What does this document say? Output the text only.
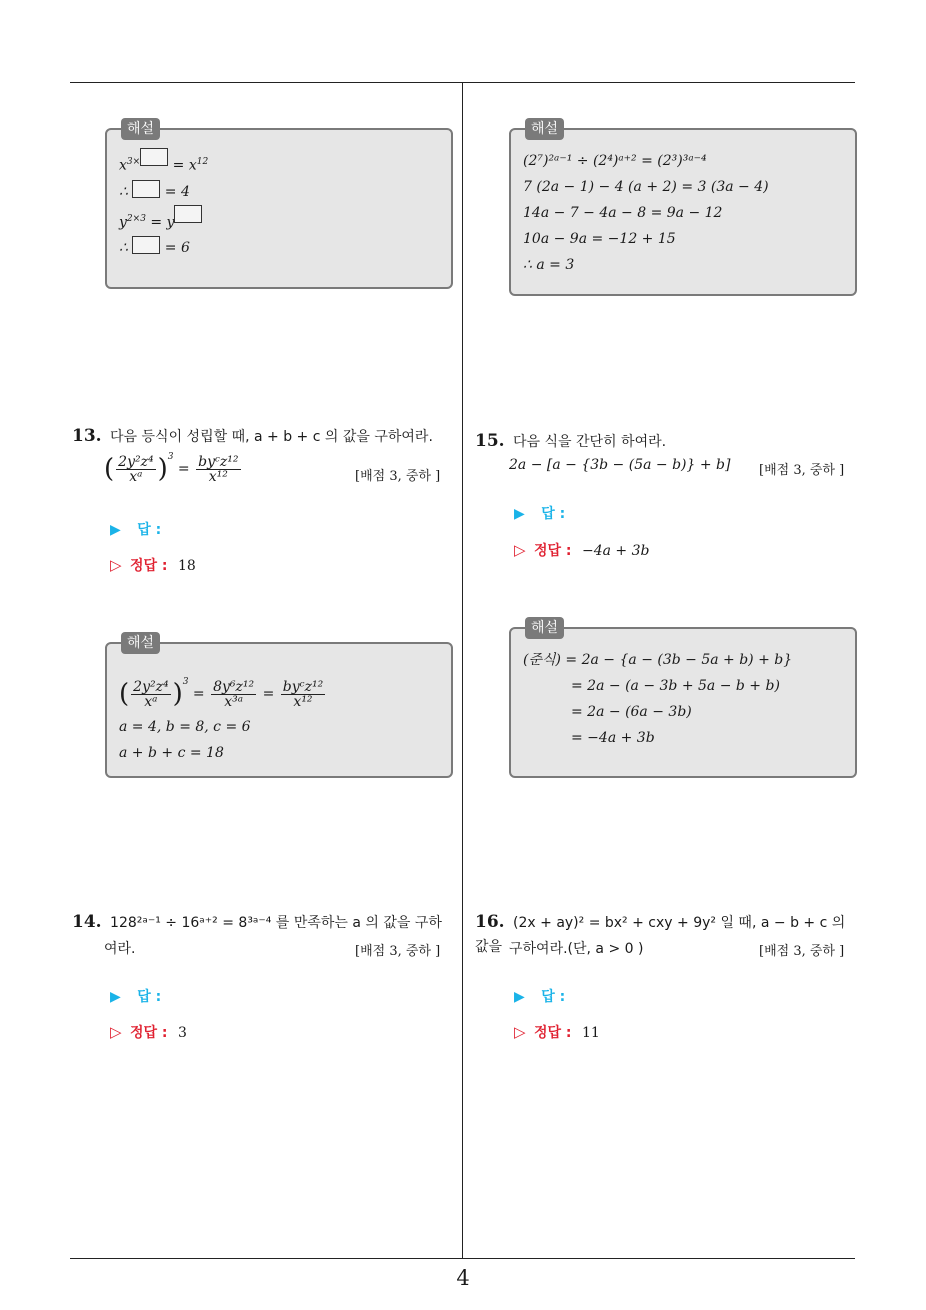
해설
$x^{3\times} = x^{12}$
∴  = 4
$y^{2\times 3} = y$
∴  = 6
해설
(2⁷)²ᵃ⁻¹ ÷ (2⁴)ᵃ⁺² = (2³)³ᵃ⁻⁴
7 (2a − 1) − 4 (a + 2) = 3 (3a − 4)
14a − 7 − 4a − 8 = 9a − 12
10a − 9a = −12 + 15
∴ a = 3
13. 다음 등식이 성립할 때, a + b + c 의 값을 구하여라.
( $\frac{\text{2y²z⁴}}{\text{xᵃ}} )^3 = \frac{\text{byᶜz¹²}}{\text{x¹²}}$	[배점 3, 중하 ]
▶ 답 :
▷ 정답 : 18
해설
( $\frac{\text{2y²z⁴}}{\text{xᵃ}} )^3 = \frac{\text{8y⁶z¹²}}{\text{x³ᵃ}} = \frac{\text{byᶜz¹²}}{\text{x¹²}}$
a = 4, b = 8, c = 6
a + b + c = 18
14. 128²ᵃ⁻¹ ÷ 16ᵃ⁺² = 8³ᵃ⁻⁴ 를 만족하는 a 의 값을 구하
여라.	[배점 3, 중하 ]
▶ 답 :
▷ 정답 : 3
15. 다음 식을 간단히 하여라.
2a − [a − {3b − (5a − b)} + b] [배점 3, 중하 ]
▶ 답 :
▷ 정답 : −4a + 3b
해설
(준식) = 2a − {a − (3b − 5a + b) + b}
= 2a − (a − 3b + 5a − b + b)
= 2a − (6a − 3b)
= −4a + 3b
16. (2x + ay)² = bx² + cxy + 9y² 일 때, a − b + c 의 값을 구하여라.(단, a > 0 )	[배점 3, 중하 ]
▶ 답 :
▷ 정답 : 11
4
